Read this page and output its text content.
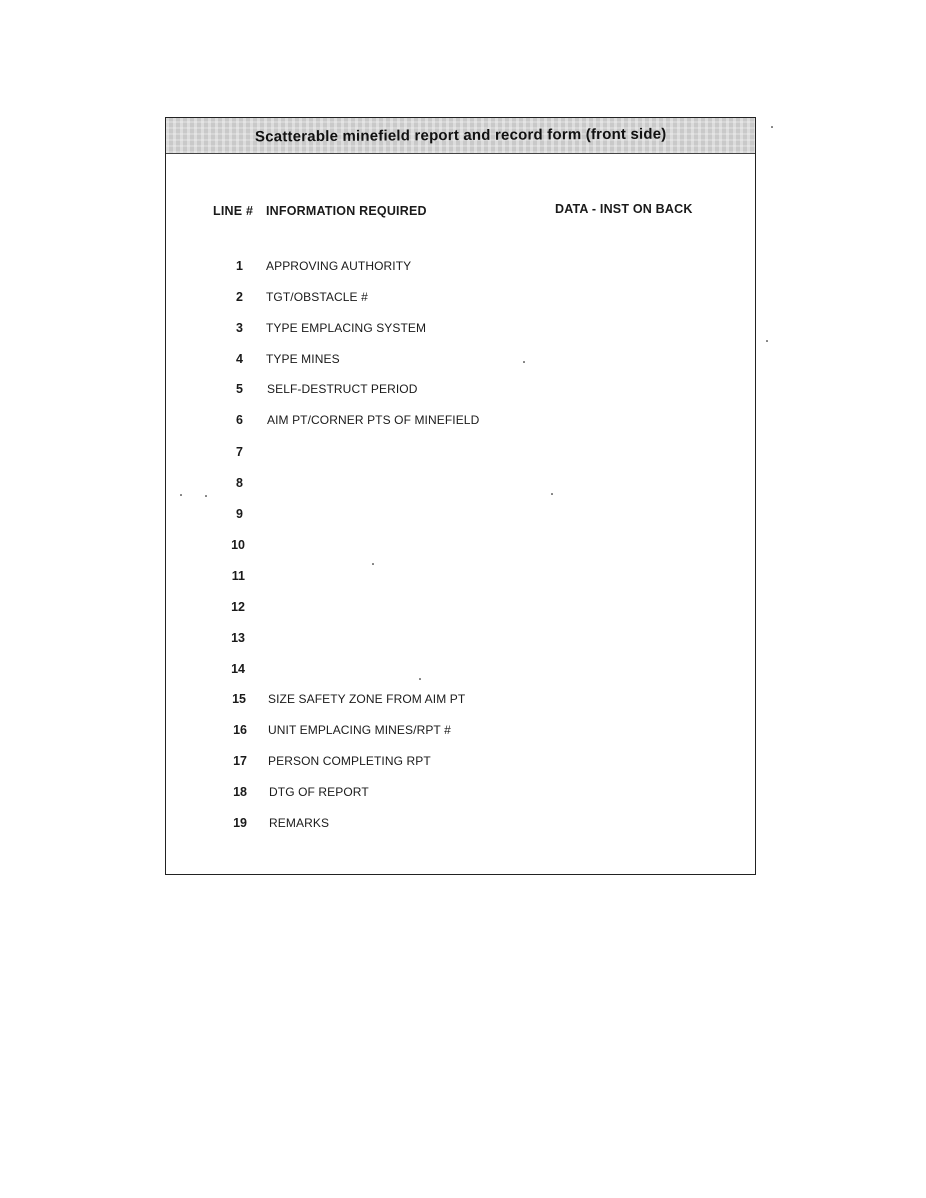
Scatterable minefield report and record form (front side)
LINE # INFORMATION REQUIRED	DATA - INST ON BACK
1 APPROVING AUTHORITY
2 TGT/OBSTACLE #
3 TYPE EMPLACING SYSTEM
4 TYPE MINES
5 SELF-DESTRUCT PERIOD
6 AIM PT/CORNER PTS OF MINEFIELD
7
8
9
10
11
12
13
14
15 SIZE SAFETY ZONE FROM AIM PT
16 UNIT EMPLACING MINES/RPT #
17 PERSON COMPLETING RPT
18 DTG OF REPORT
19 REMARKS
